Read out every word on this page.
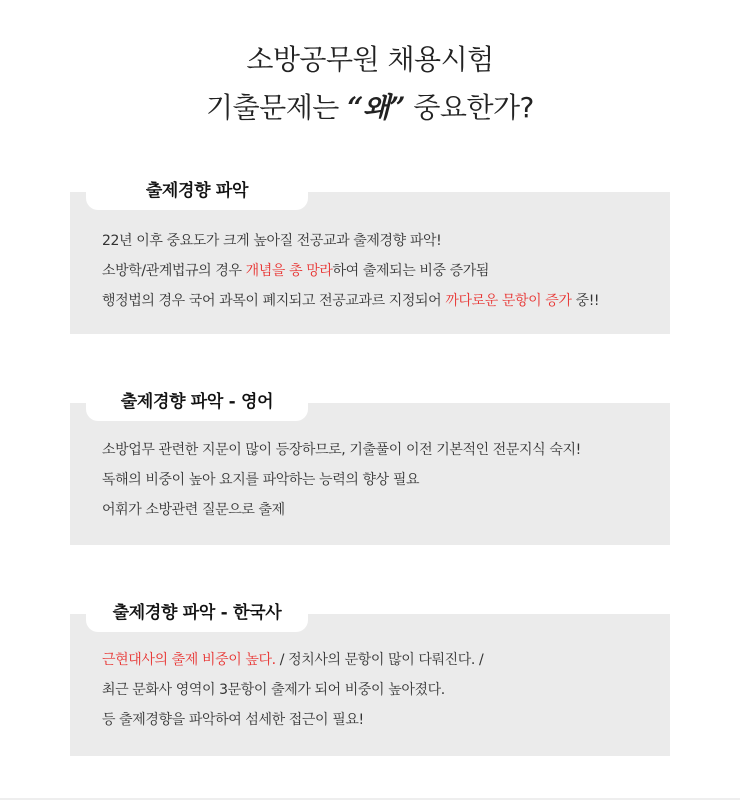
소방공무원 채용시험
기출문제는 “왜” 중요한가?
22년 이후 중요도가 크게 높아질 전공교과 출제경향 파악!
소방학/관계법규의 경우 개념을 총 망라하여 출제되는 비중 증가됨
행정법의 경우 국어 과목이 폐지되고 전공교과르 지정되어 까다로운 문항이 증가 중!!
출제경향 파악
소방업무 관련한 지문이 많이 등장하므로, 기출풀이 이전 기본적인 전문지식 숙지!
독해의 비중이 높아 요지를 파악하는 능력의 향상 필요
어휘가 소방관련 질문으로 출제
출제경향 파악 - 영어
근현대사의 출제 비중이 높다. / 정치사의 문항이 많이 다뤄진다. /
최근 문화사 영역이 3문항이 출제가 되어 비중이 높아졌다.
등 출제경향을 파악하여 섬세한 접근이 필요!
출제경향 파악 - 한국사
